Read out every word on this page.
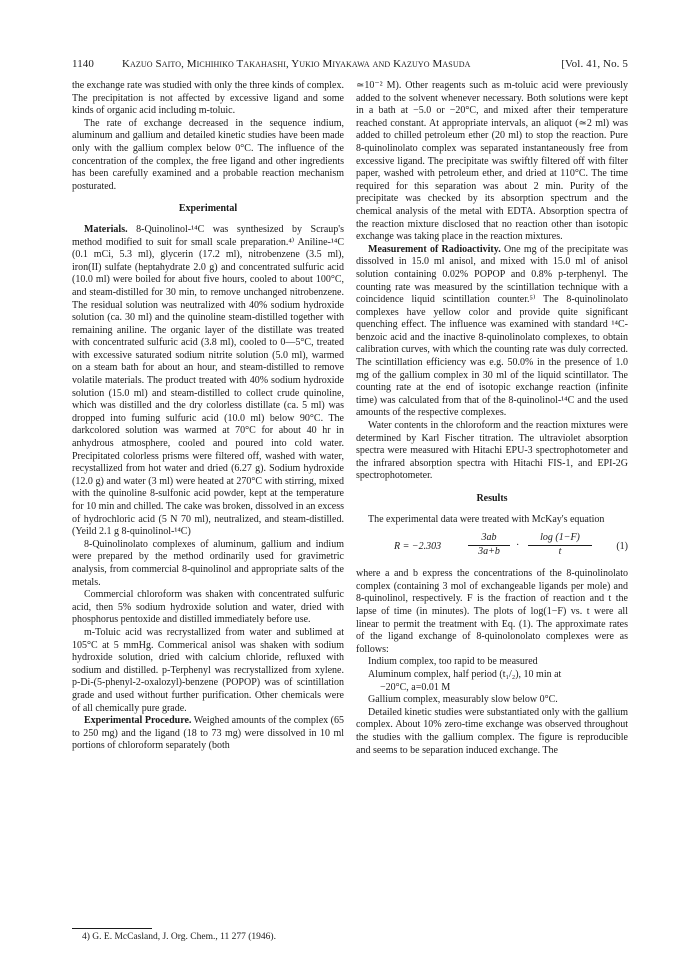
1140	Kazuo Saito, Michihiko Takahashi, Yukio Miyakawa and Kazuyo Masuda	[Vol. 41, No. 5

the exchange rate was studied with only the three kinds of complex. The precipitation is not affected by excessive ligand and some kinds of organic acid including m-toluic.

The rate of exchange decreased in the sequence indium, aluminum and gallium and detailed kinetic studies have been made only with the gallium complex below 0°C. The influence of the concentration of the complex, the free ligand and other ingredients has been carefully examined and a probable reaction mechanism posturated.

Experimental

Materials. 8-Quinolinol-¹⁴C was synthesized by Scraup's method modified to suit for small scale preparation.⁴⁾ Aniline-¹⁴C (0.1 mCi, 5.3 ml), glycerin (17.2 ml), nitrobenzene (3.5 ml), iron(II) sulfate (heptahydrate 2.0 g) and concentrated sulfuric acid (10.0 ml) were boiled for about five hours, cooled to about 100°C, and steam-distilled for 30 min, to remove unchanged nitrobenzene. The residual solution was neutralized with 40% sodium hydroxide solution (ca. 30 ml) and the quinoline steam-distilled together with remaining aniline. The organic layer of the distillate was treated with concentrated sulfuric acid (3.8 ml), cooled to 0—5°C, treated with excessive saturated sodium nitrite solution (5.0 ml), warmed on a steam bath for about an hour, and steam-distilled to remove volatile materials. The product treated with 40% sodium hydroxide solution (15.0 ml) and steam-distilled to collect crude quinoline, which was distilled and the dry colorless distillate (ca. 5 ml) was dropped into fuming sulfuric acid (10.0 ml) below 90°C. The darkcolored solution was warmed at 70°C for about 40 hr in anhydrous atmosphere, cooled and poured into cold water. Precipitated colorless prisms were filtered off, washed with water, recystallized from hot water and dried (6.27 g). Sodium hydroxide (12.0 g) and water (3 ml) were heated at 270°C with stirring, mixed with the quinoline 8-sulfonic acid powder, kept at the temperature for 10 min and chilled. The cake was broken, dissolved in an excess of hydrochloric acid (5 N 70 ml), neutralized, and steam-distilled. (Yeild 2.1 g 8-quinolinol-¹⁴C)

8-Quinolinolato complexes of aluminum, gallium and indium were prepared by the method ordinarily used for gravimetric analysis, from commercial 8-quinolinol and appropriate salts of the metals.

Commercial chloroform was shaken with concentrated sulfuric acid, then 5% sodium hydroxide solution and water, dried with phosphorus pentoxide and distilled immediately before use.

m-Toluic acid was recrystallized from water and sublimed at 105°C at 5 mmHg. Commerical anisol was shaken with sodium hydroxide solution, dried with calcium chloride, refluxed with sodium and distilled. p-Terphenyl was recrystallized from xylene. p-Di-(5-phenyl-2-oxalozyl)-benzene (POPOP) was of scintillation grade and used without further purification. Other chemicals were of all chemically pure grade.

Experimental Procedure. Weighed amounts of the complex (65 to 250 mg) and the ligand (18 to 73 mg) were dissolved in 10 ml portions of chloroform separately (both

≃10⁻² M). Other reagents such as m-toluic acid were previously added to the solvent whenever necessary. Both solutions were kept in a bath at −5.0 or −20°C, and mixed after their temperature reached constant. At appropriate intervals, an aliquot (≃2 ml) was added to chilled petroleum ether (20 ml) to stop the reaction. Pure 8-quinolinolato complex was separated instantaneously free from excessive ligand. The precipitate was swiftly filtered off with filter paper, washed with petroleum ether, and dried at 110°C. The time required for this separation was about 2 min. Purity of the precipitate was checked by its absorption spectrum and the chemical analysis of the metal with EDTA. Absorption spectra of the reaction mixture disclosed that no reaction other than isotopic exchange was taking place in the reaction mixtures.

Measurement of Radioactivity. One mg of the precipitate was dissolved in 15.0 ml anisol, and mixed with 15.0 ml of anisol solution containing 0.02% POPOP and 0.8% p-terphenyl. The counting rate was measured by the scintillation technique with a coincidence liquid scintillation counter.⁵⁾ The 8-quinolinolato complexes have yellow color and provide quite significant quenching effect. The influence was examined with standard ¹⁴C-benzoic acid and the inactive 8-quinolinolato complexes, to obtain calibration curves, with which the counting rate was duly corrected. The scintillation efficiency was e.g. 50.0% in the presence of 1.0 mg of the gallium complex in 30 ml of the liquid scintillator. The counting rate at the end of isotopic exchange reaction (infinite time) was calculated from that of the 8-quinolinol-¹⁴C and the used amounts of the respective complexes.

Water contents in the chloroform and the reaction mixtures were determined by Karl Fischer titration. The ultraviolet absorption spectra were measured with Hitachi EPU-3 spectrophotometer and the infrared absorption spectra with Hitachi FIS-1, and EPI-2G spectrophotometer.

Results

The experimental data were treated with McKay's equation

R = −2.303	$\frac{3ab}{3a+b} \cdot \frac{\log (1-F)}{t} (1)$

where a and b express the concentrations of the 8-quinolinolato complex (containing 3 mol of exchangeable ligands per mole) and 8-quinolinol, respectively. F is the fraction of reaction and t the lapse of time (in minutes). The plots of log(1−F) vs. t were all linear to permit the treatment with Eq. (1). The approximate rates of the ligand exchange of 8-quinolonolato complexes were as follows:

Indium complex, too rapid to be measured

Aluminum complex, half period (t₁/₂), 10 min at

−20°C, a=0.01 M

Gallium complex, measurably slow below 0°C.

Detailed kinetic studies were substantiated only with the gallium complex. About 10% zero-time exchange was observed throughout the studies with the gallium complex. The figure is reproducible and seems to be separation induced exchange. The

4) G. E. McCasland, J. Org. Chem., 11 277 (1946).
